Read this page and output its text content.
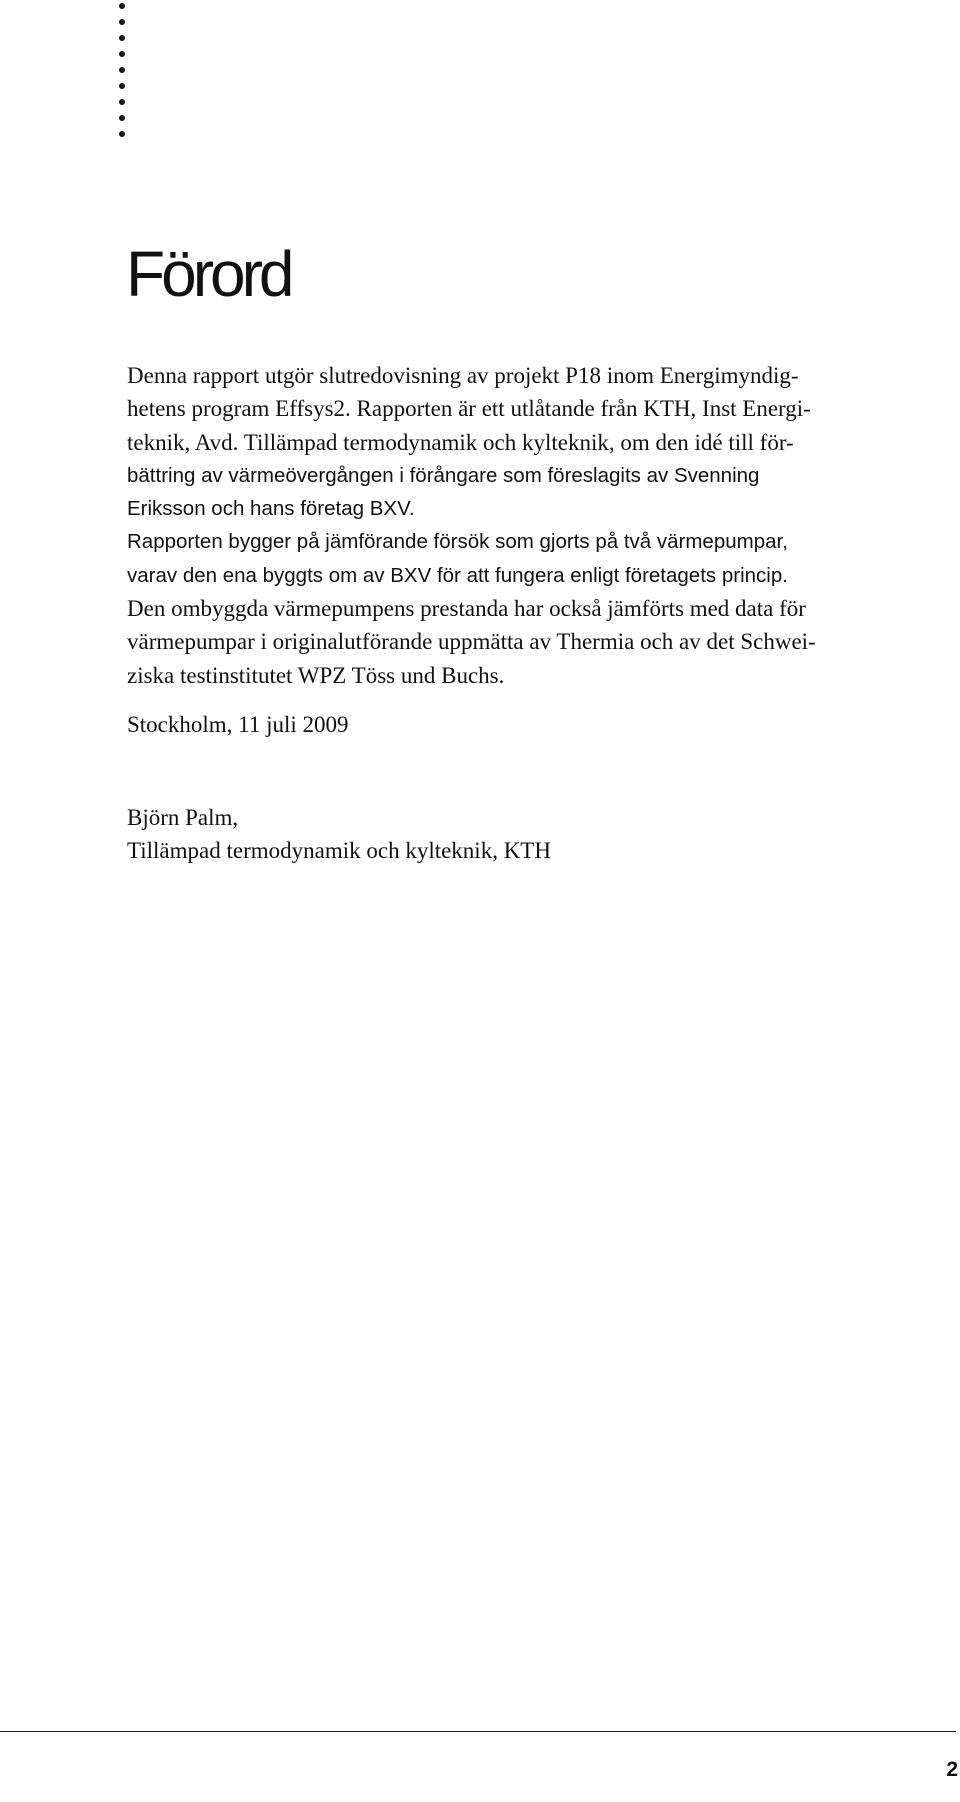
Förord
Denna rapport utgör slutredovisning av projekt P18 inom Energimyndig-
hetens program Effsys2. Rapporten är ett utlåtande från KTH, Inst Energi-
teknik, Avd. Tillämpad termodynamik och kylteknik, om den idé till för-
bättring av värmeövergången i förångare som föreslagits av Svenning
Eriksson och hans företag BXV.
Rapporten bygger på jämförande försök som gjorts på två värmepumpar,
varav den ena byggts om av BXV för att fungera enligt företagets princip.
Den ombyggda värmepumpens prestanda har också jämförts med data för
värmepumpar i originalutförande uppmätta av Thermia och av det Schwei-
ziska testinstitutet WPZ Töss und Buchs.
Stockholm, 11 juli 2009
Björn Palm,
Tillämpad termodynamik och kylteknik, KTH
2
